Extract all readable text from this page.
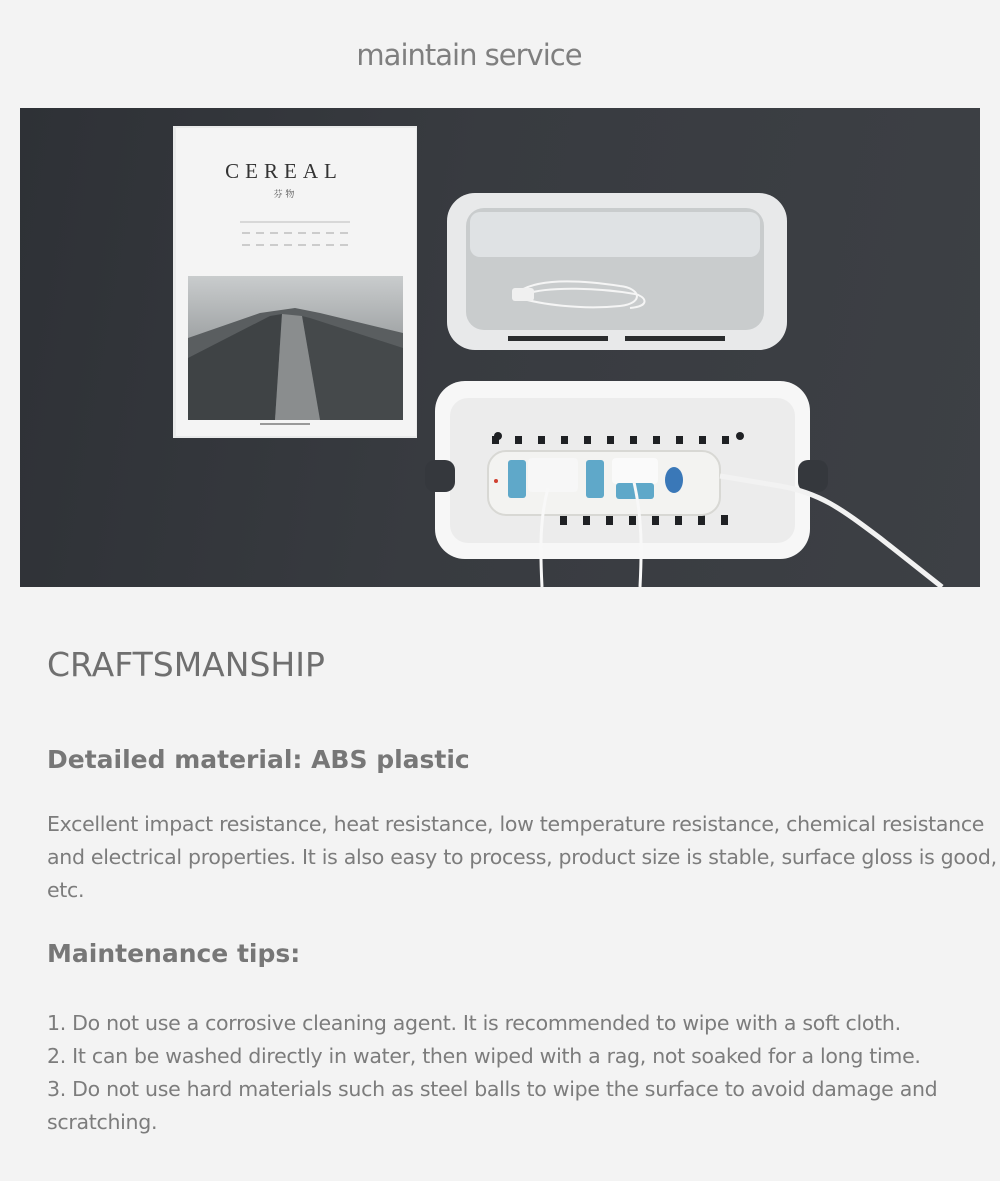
maintain service
CEREAL
芬 物
CRAFTSMANSHIP
Detailed material: ABS plastic
Excellent impact resistance, heat resistance, low temperature resistance, chemical resistance and electrical properties. It is also easy to process, product size is stable, surface gloss is good, etc.
Maintenance tips:
1. Do not use a corrosive cleaning agent. It is recommended to wipe with a soft cloth.
2. It can be washed directly in water, then wiped with a rag, not soaked for a long time.
3. Do not use hard materials such as steel balls to wipe the surface to avoid damage and scratching.
